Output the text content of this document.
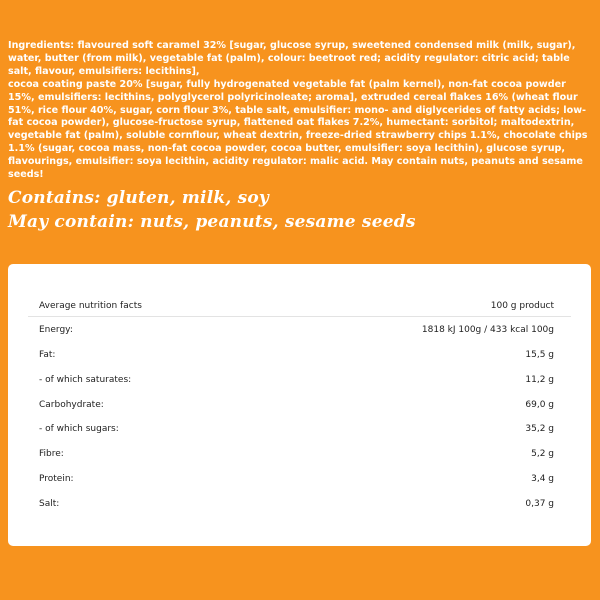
Ingredients: flavoured soft caramel 32% [sugar, glucose syrup, sweetened condensed milk (milk, sugar), water, butter (from milk), vegetable fat (palm), colour: beetroot red; acidity regulator: citric acid; table salt, flavour, emulsifiers: lecithins],

cocoa coating paste 20% [sugar, fully hydrogenated vegetable fat (palm kernel), non-fat cocoa powder 15%, emulsifiers: lecithins, polyglycerol polyricinoleate; aroma], extruded cereal flakes 16% (wheat flour 51%, rice flour 40%, sugar, corn flour 3%, table salt, emulsifier: mono- and diglycerides of fatty acids; low-fat cocoa powder), glucose-fructose syrup, flattened oat flakes 7.2%, humectant: sorbitol; maltodextrin, vegetable fat (palm), soluble cornflour, wheat dextrin, freeze-dried strawberry chips 1.1%, chocolate chips 1.1% (sugar, cocoa mass, non-fat cocoa powder, cocoa butter, emulsifier: soya lecithin), glucose syrup, flavourings, emulsifier: soya lecithin, acidity regulator: malic acid. May contain nuts, peanuts and sesame seeds!

Contains: gluten, milk, soy
May contain: nuts, peanuts, sesame seeds
Average nutrition facts	100 g product
Energy:	1818 kJ 100g / 433 kcal 100g
Fat:	15,5 g
- of which saturates:	11,2 g
Carbohydrate:	69,0 g
- of which sugars:	35,2 g
Fibre:	5,2 g
Protein:	3,4 g
Salt:	0,37 g
